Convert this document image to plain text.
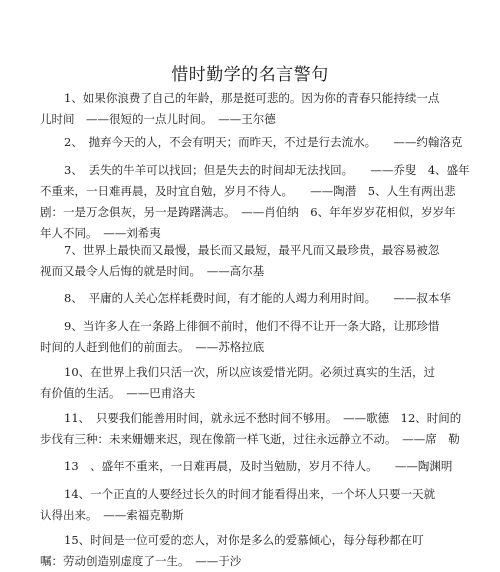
惜时勤学的名言警句
1、如果你浪费了自己的年龄，那是挺可悲的。因为你的青春只能持续一点
儿时间　——很短的一点儿时间。　——王尔德
2、　抛弃今天的人，不会有明天；而昨天，不过是行去流水。　　——约翰洛克
3、　丢失的牛羊可以找回；但是失去的时间却无法找回。　　——乔叟　4、盛年
不重来，一日难再晨，及时宜自勉，岁月不待人。　　——陶潜　5、人生有两出悲
剧：一是万念俱灰，另一是踌躇满志。　——肖伯纳　6、年年岁岁花相似，岁岁年
年人不同。　——刘希夷
7、世界上最快而又最慢，最长而又最短，最平凡而又最珍贵，最容易被忽
视而又最令人后悔的就是时间。　——高尔基
8、　平庸的人关心怎样耗费时间，有才能的人竭力利用时间。　　——叔本华
9、当许多人在一条路上徘徊不前时，他们不得不让开一条大路，让那珍惜
时间的人赶到他们的前面去。　——苏格拉底
10、在世界上我们只活一次，所以应该爱惜光阴。必须过真实的生活，过
有价值的生活。　——巴甫洛夫
11、　只要我们能善用时间，就永远不愁时间不够用。　——歌德　12、时间的
步伐有三种：未来姗姗来迟，现在像箭一样飞逝，过往永远静立不动。　——席　勒
13　、盛年不重来，一日难再晨，及时当勉励，岁月不待人。　　——陶渊明
14、一个正直的人要经过长久的时间才能看得出来，一个坏人只要一天就
认得出来。　——索福克勒斯
15、时间是一位可爱的恋人，对你是多么的爱慕倾心，每分每秒都在叮
嘱：劳动创造别虚度了一生。　——于沙
